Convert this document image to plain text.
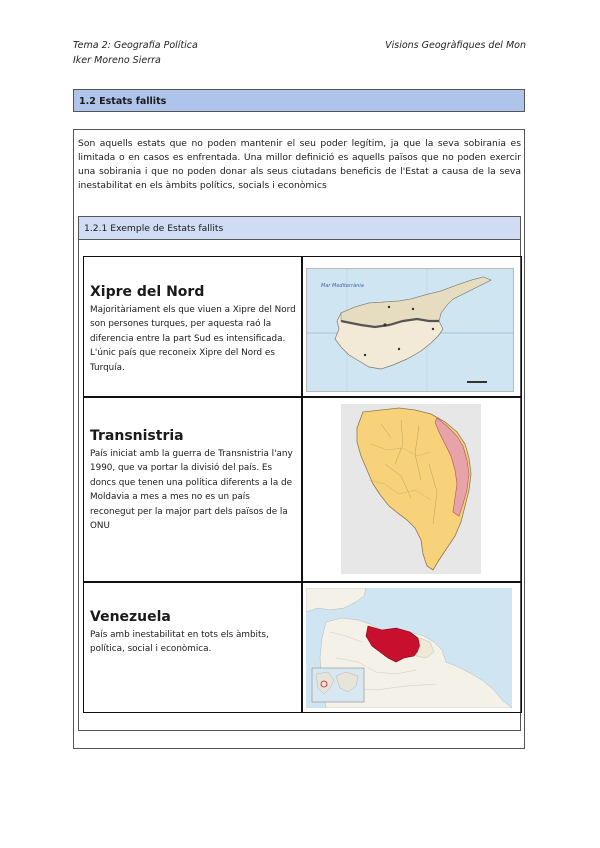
Tema 2: Geografia Política
Iker Moreno Sierra
Visions Geogràfiques del Mon
1.2 Estats fallits

Son aquells estats que no poden mantenir el seu poder legítim, ja que la seva sobirania es limitada o en casos es enfrentada. Una millor definició es aquells països que no poden exercir una sobirania i que no poden donar als seus ciutadans beneficis de l'Estat a causa de la seva inestabilitat en els àmbits polítics, socials i econòmics

1.2.1 Exemple de Estats fallits
Xipre del Nord

Majoritàriament els que viuen a Xipre del Nord son persones turques, per aquesta raó la diferencia entre la part Sud es intensificada. L'únic país que reconeix Xipre del Nord es Turquía.

Mar Mediterrània
Transnistria

País iniciat amb la guerra de Transnistria l'any 1990, que va portar la divisió del país. Es doncs que tenen una política diferents a la de Moldavia a mes a mes no es un país reconegut per la major part dels països de la ONU

Venezuela

País amb inestabilitat en tots els àmbits, política, social i econòmica.
